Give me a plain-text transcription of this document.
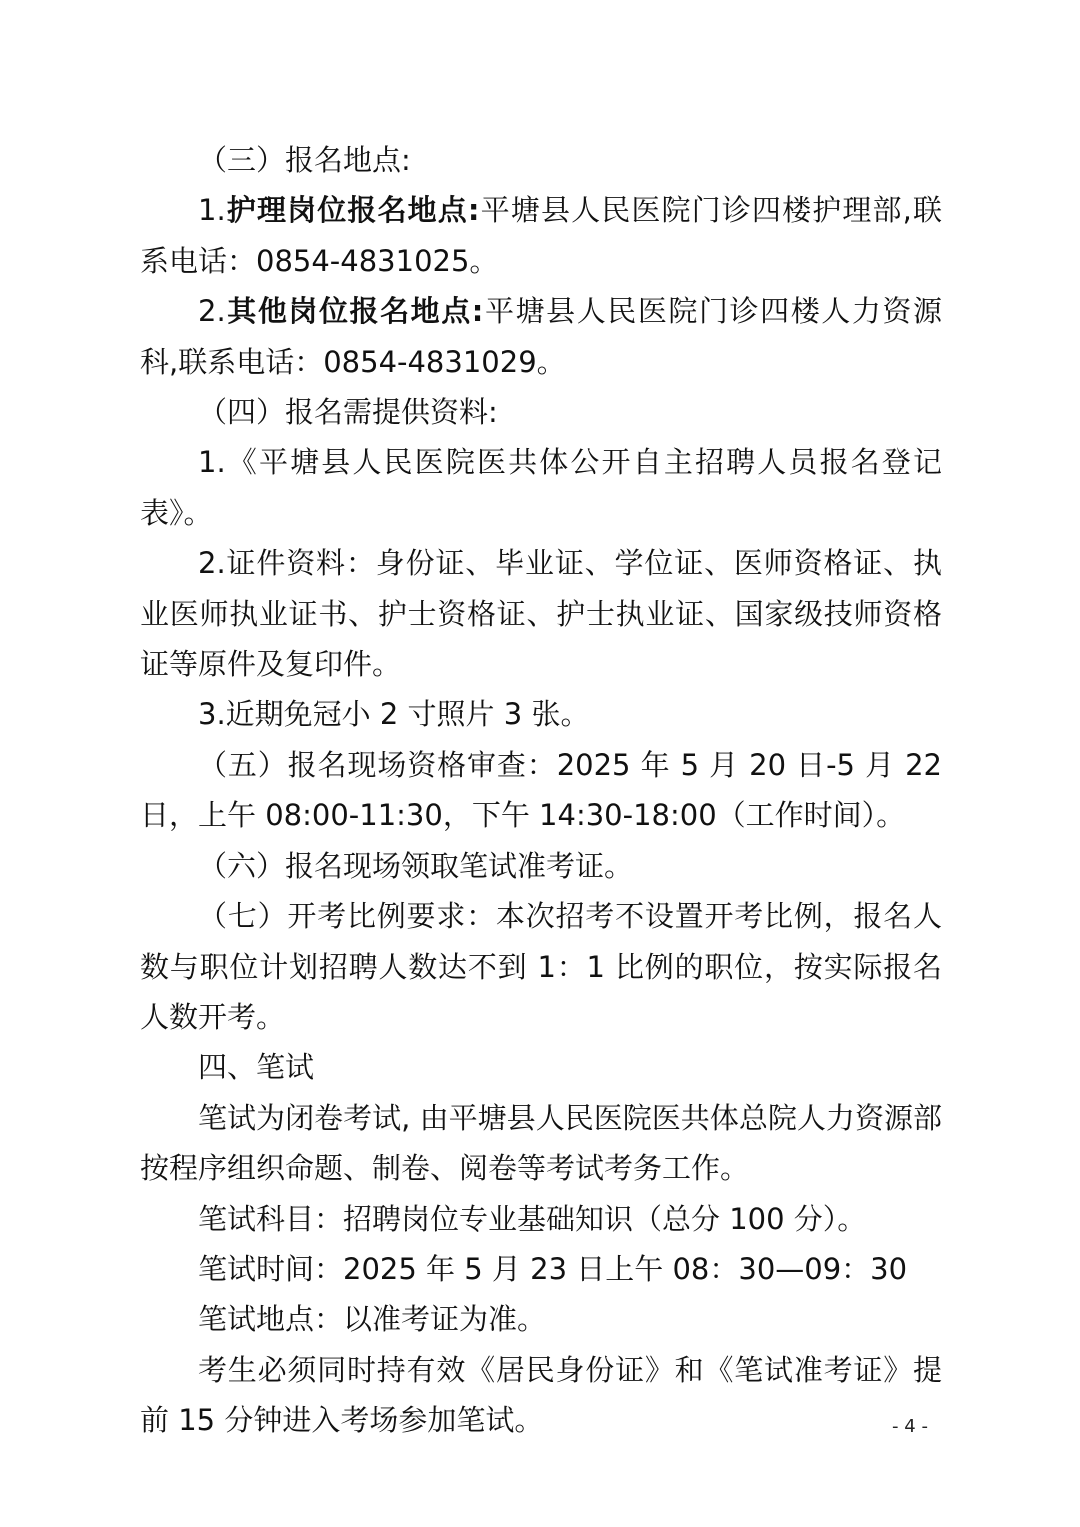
（三）报名地点:

1.护理岗位报名地点:平塘县人民医院门诊四楼护理部,联系电话：0854-4831025。

2.其他岗位报名地点:平塘县人民医院门诊四楼人力资源科,联系电话：0854-4831029。

（四）报名需提供资料:

1.《平塘县人民医院医共体公开自主招聘人员报名登记表》。

2.证件资料：身份证、毕业证、学位证、医师资格证、执业医师执业证书、护士资格证、护士执业证、国家级技师资格证等原件及复印件。

3.近期免冠小 2 寸照片 3 张。

（五）报名现场资格审查：2025 年 5 月 20 日-5 月 22 日，上午 08:00-11:30，下午 14:30-18:00（工作时间）。

（六）报名现场领取笔试准考证。

（七）开考比例要求：本次招考不设置开考比例，报名人数与职位计划招聘人数达不到 1：1 比例的职位，按实际报名人数开考。

四、笔试

笔试为闭卷考试, 由平塘县人民医院医共体总院人力资源部按程序组织命题、制卷、阅卷等考试考务工作。

笔试科目：招聘岗位专业基础知识（总分 100 分）。

笔试时间：2025 年 5 月 23 日上午 08：30—09：30

笔试地点：以准考证为准。

考生必须同时持有效《居民身份证》和《笔试准考证》提前 15 分钟进入考场参加笔试。	- 4 -
